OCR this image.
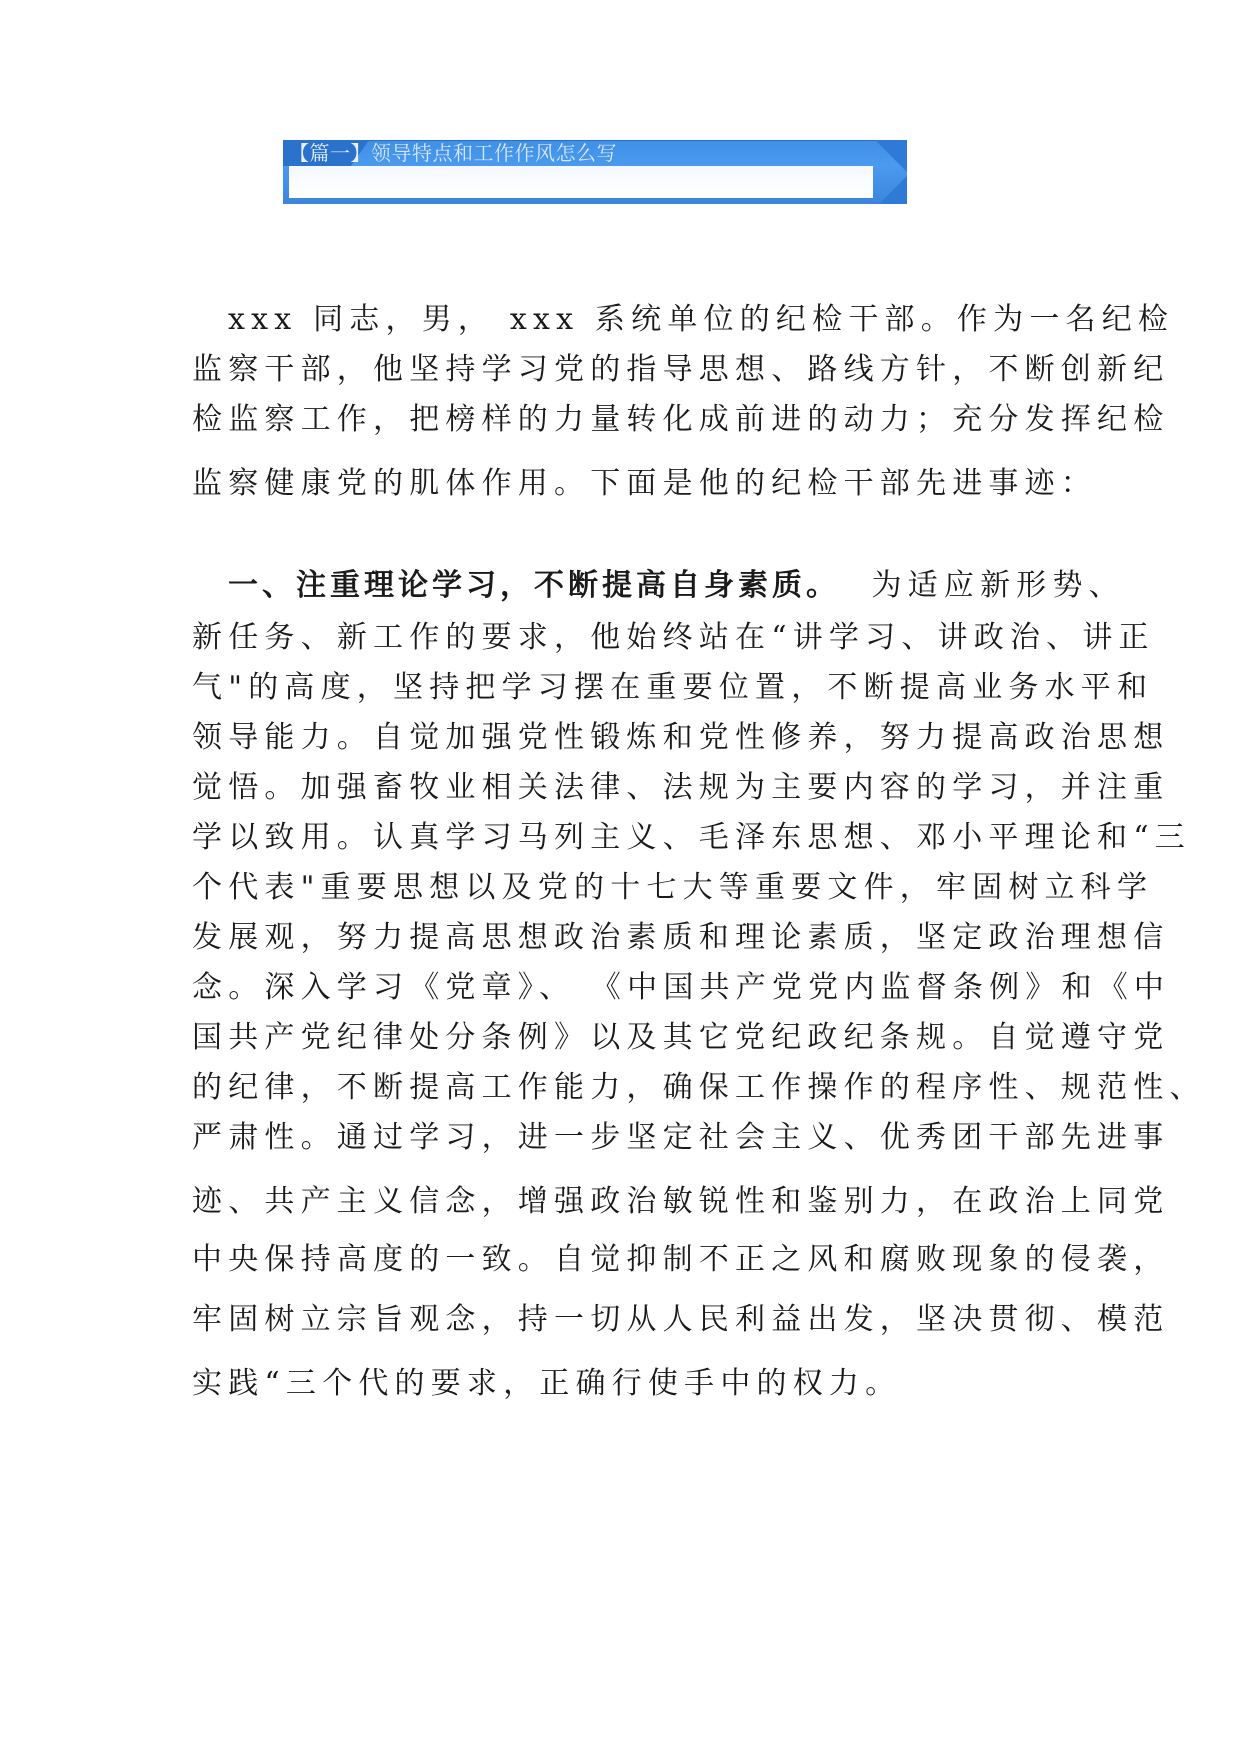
【篇一】领导特点和工作作风怎么写
xxx 同志，男， xxx 系统单位的纪检干部。作为一名纪检
监察干部，他坚持学习党的指导思想、路线方针，不断创新纪
检监察工作，把榜样的力量转化成前进的动力；充分发挥纪检
监察健康党的肌体作用。下面是他的纪检干部先进事迹：
一、注重理论学习，不断提高自身素质。 为适应新形势、
新任务、新工作的要求，他始终站在“讲学习、讲政治、讲正
气"的高度，坚持把学习摆在重要位置，不断提高业务水平和
领导能力。自觉加强党性锻炼和党性修养，努力提高政治思想
觉悟。加强畜牧业相关法律、法规为主要内容的学习，并注重
学以致用。认真学习马列主义、毛泽东思想、邓小平理论和“三
个代表"重要思想以及党的十七大等重要文件，牢固树立科学
发展观，努力提高思想政治素质和理论素质，坚定政治理想信
念。深入学习《党章》、 《中国共产党党内监督条例》和《中
国共产党纪律处分条例》以及其它党纪政纪条规。自觉遵守党
的纪律，不断提高工作能力，确保工作操作的程序性、规范性、
严肃性。通过学习，进一步坚定社会主义、优秀团干部先进事
迹、共产主义信念，增强政治敏锐性和鉴别力，在政治上同党
中央保持高度的一致。自觉抑制不正之风和腐败现象的侵袭，
牢固树立宗旨观念，持一切从人民利益出发，坚决贯彻、模范
实践“三个代的要求，正确行使手中的权力。
